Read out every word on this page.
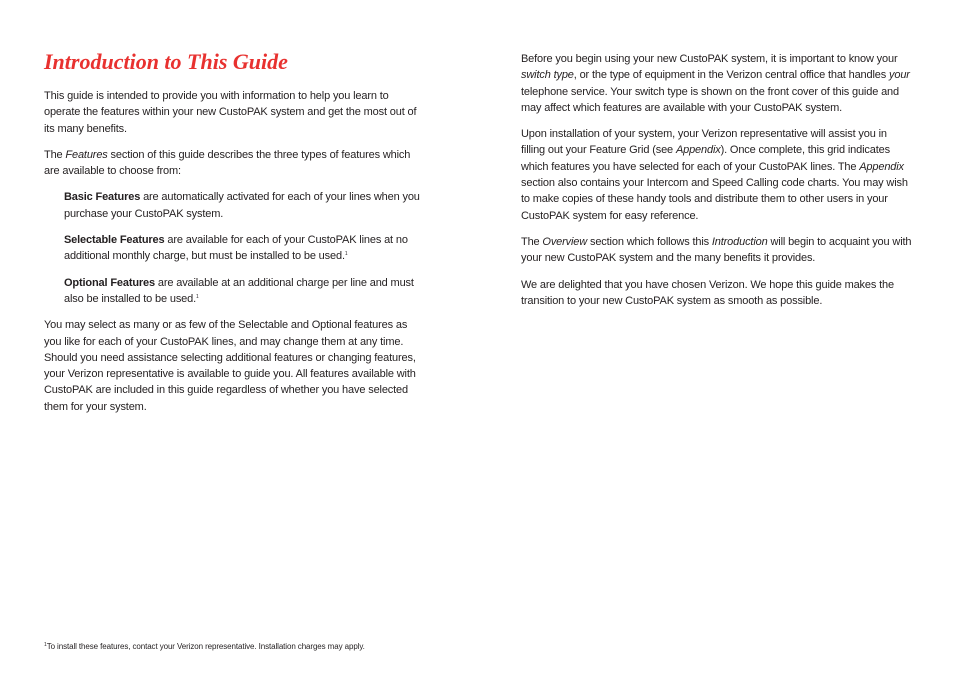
Introduction to This Guide

This guide is intended to provide you with information to help you learn to operate the features within your new CustoPAK system and get the most out of its many benefits.

The Features section of this guide describes the three types of features which are available to choose from:

Basic Features are automatically activated for each of your lines when you purchase your CustoPAK system.

Selectable Features are available for each of your CustoPAK lines at no additional monthly charge, but must be installed to be used.$^1$

Optional Features are available at an additional charge per line and must also be installed to be used.$^1$

You may select as many or as few of the Selectable and Optional features as you like for each of your CustoPAK lines, and may change them at any time. Should you need assistance selecting additional features or changing features, your Verizon representative is available to guide you. All features available with CustoPAK are included in this guide regardless of whether you have selected them for your system.

Before you begin using your new CustoPAK system, it is important to know your switch type, or the type of equipment in the Verizon central office that handles your telephone service. Your switch type is shown on the front cover of this guide and may affect which features are available with your CustoPAK system.

Upon installation of your system, your Verizon representative will assist you in filling out your Feature Grid (see Appendix). Once complete, this grid indicates which features you have selected for each of your CustoPAK lines. The Appendix section also contains your Intercom and Speed Calling code charts. You may wish to make copies of these handy tools and distribute them to other users in your CustoPAK system for easy reference.

The Overview section which follows this Introduction will begin to acquaint you with your new CustoPAK system and the many benefits it provides.

We are delighted that you have chosen Verizon. We hope this guide makes the transition to your new CustoPAK system as smooth as possible.

$^1$To install these features, contact your Verizon representative. Installation charges may apply.
